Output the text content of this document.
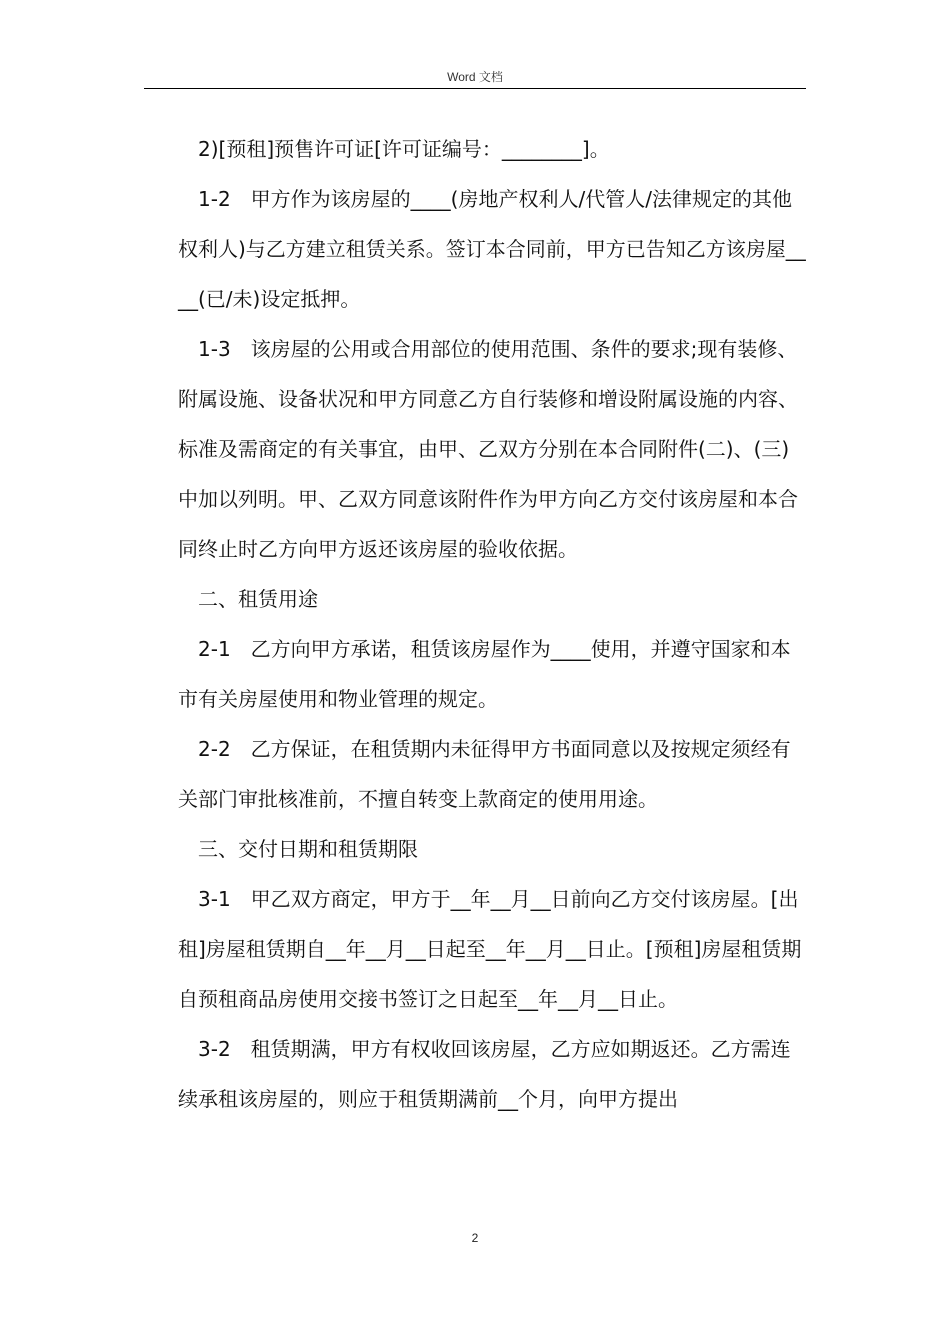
Word 文档

2)[预租]预售许可证[许可证编号：________]。

1-2　甲方作为该房屋的____(房地产权利人/代管人/法律规定的其他权利人)与乙方建立租赁关系。签订本合同前，甲方已告知乙方该房屋____(已/未)设定抵押。

1-3　该房屋的公用或合用部位的使用范围、条件的要求;现有装修、附属设施、设备状况和甲方同意乙方自行装修和增设附属设施的内容、标准及需商定的有关事宜，由甲、乙双方分别在本合同附件(二)、(三)中加以列明。甲、乙双方同意该附件作为甲方向乙方交付该房屋和本合同终止时乙方向甲方返还该房屋的验收依据。

二、租赁用途

2-1　乙方向甲方承诺，租赁该房屋作为____使用，并遵守国家和本市有关房屋使用和物业管理的规定。

2-2　乙方保证，在租赁期内未征得甲方书面同意以及按规定须经有关部门审批核准前，不擅自转变上款商定的使用用途。

三、交付日期和租赁期限

3-1　甲乙双方商定，甲方于__年__月__日前向乙方交付该房屋。[出租]房屋租赁期自__年__月__日起至__年__月__日止。[预租]房屋租赁期自预租商品房使用交接书签订之日起至__年__月__日止。

3-2　租赁期满，甲方有权收回该房屋，乙方应如期返还。乙方需连续承租该房屋的，则应于租赁期满前__个月，向甲方提出

2
